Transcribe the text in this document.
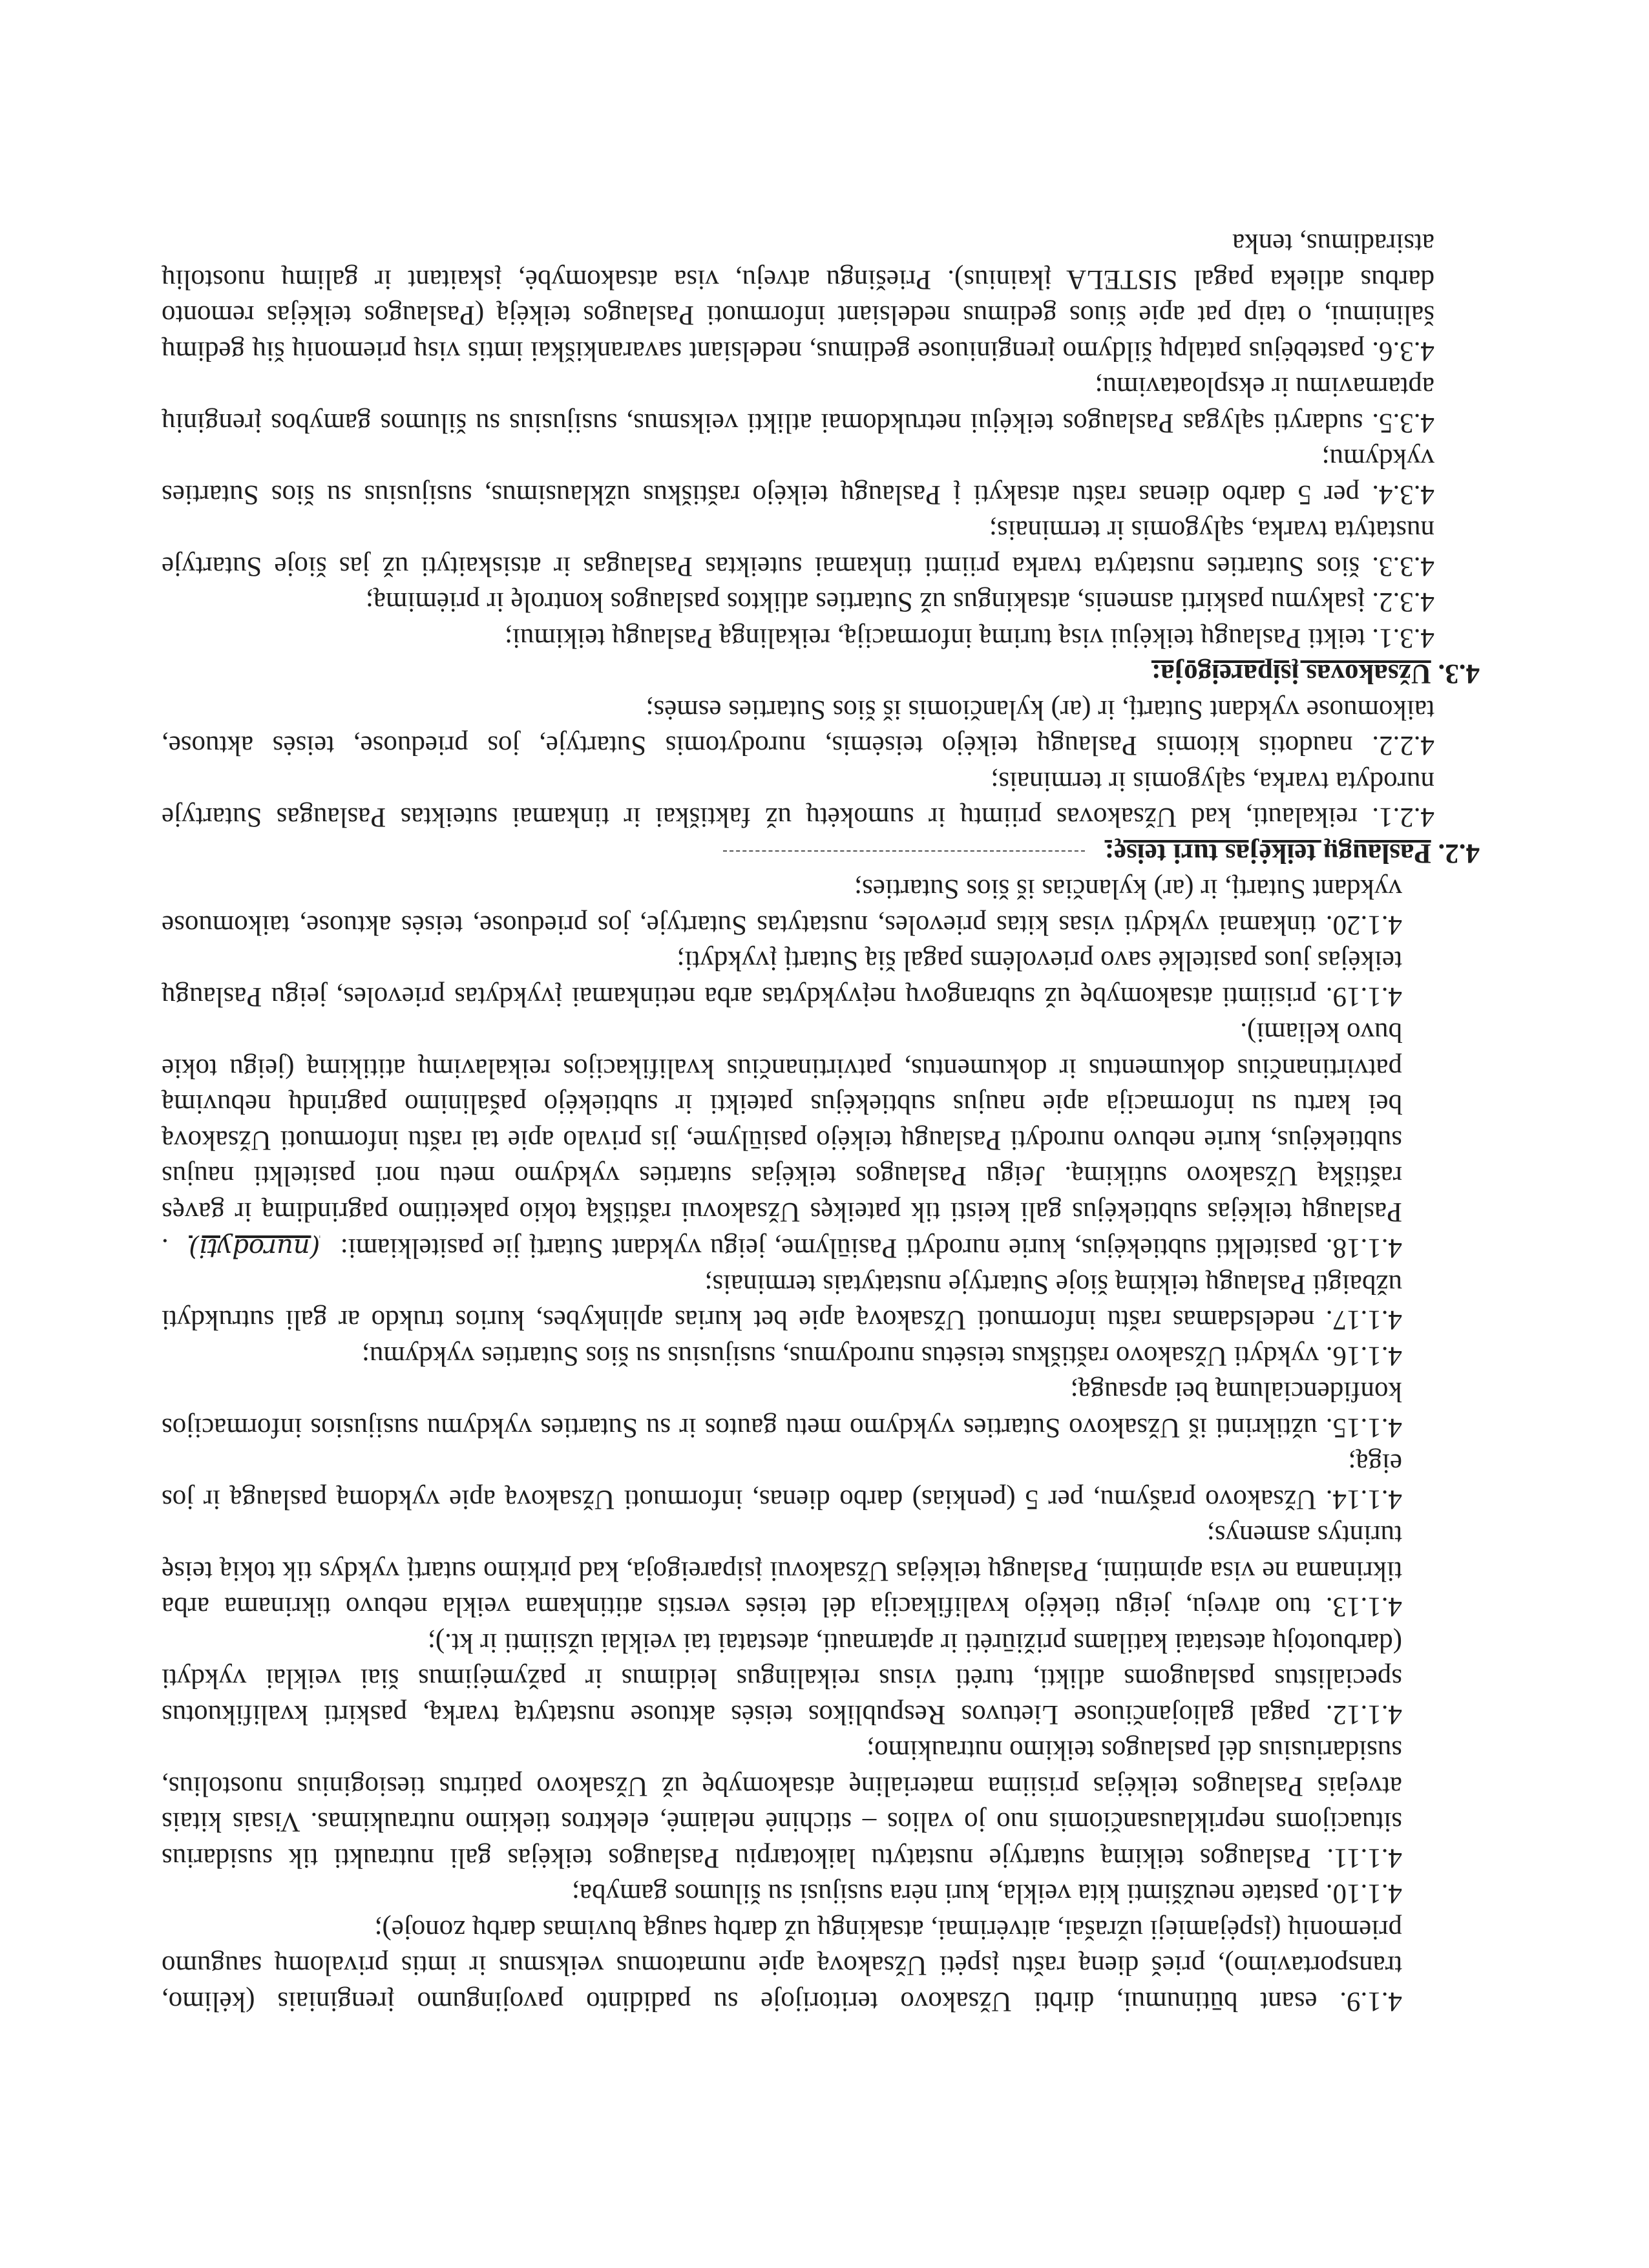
4.1.9. esant būtinumui, dirbti Užsakovo teritorijoje su padidinto pavojingumo įrenginiais (kėlimo, transportavimo), prieš dieną raštu įspėti Užsakovą apie numatomus veiksmus ir imtis privalomų saugumo priemonių (įspėjamieji užrašai, aitvėrimai, atsakingų už darbų saugą buvimas darbų zonoje);
4.1.10. pastate neužšimti kita veikla, kuri nėra susijusi su šilumos gamyba;
4.1.11. Paslaugos teikimą sutartyje nustatytu laikotarpiu Paslaugos teikėjas gali nutraukti tik susidarius situacijoms nepriklausančiomis nuo jo valios – stichinė nelaimė, elektros tiekimo nutraukimas. Visais kitais atvejais Paslaugos teikėjas prisiima materialinę atsakomybę už Užsakovo patirtus tiesioginius nuostolius, susidariusius dėl paslaugos teikimo nutraukimo;
4.1.12. pagal galiojančiuose Lietuvos Respublikos teisės aktuose nustatytą tvarką, paskirti kvalifikuotus specialistus paslaugoms atlikti, turėti visus reikalingus leidimus ir pažymėjimus šiai veiklai vykdyti (darbuotojų atestatai katilams prižiūrėti ir aptarnauti, atestatai tai veiklai užsiimti ir kt.);
4.1.13. tuo atveju, jeigu tiekėjo kvalifikacija dėl teisės verstis atitinkama veikla nebuvo tikrinama arba tikrinama ne visa apimtimi, Paslaugų teikėjas Užsakovui įsipareigoja, kad pirkimo sutartį vykdys tik tokią teisę turintys asmenys;
4.1.14. Užsakovo prašymu, per 5 (penkias) darbo dienas, informuoti Užsakovą apie vykdomą paslaugą ir jos eigą;
4.1.15. užtikrinti iš Užsakovo Sutarties vykdymo metu gautos ir su Sutarties vykdymu susijusios informacijos konfidencialumą bei apsaugą;
4.1.16. vykdyti Užsakovo raštiškus teisėtus nurodymus, susijusius su šios Sutarties vykdymu;
4.1.17. nedelsdamas raštu informuoti Užsakovą apie bet kurias aplinkybes, kurios trukdo ar gali sutrukdyti užbaigti Paslaugų teikimą šioje Sutartyje nustatytais terminais;
4.1.18. pasitelkti subtiekėjus, kurie nurodyti Pasiūlyme, jeigu vykdant Sutartį jie pasitelkiami: (nurodyti) . Paslaugų teikėjas subtiekėjus gali keisti tik pateikęs Užsakovui raštišką tokio pakeitimo pagrindimą ir gavęs raštišką Užsakovo sutikimą. Jeigu Paslaugos teikėjas sutarties vykdymo metu nori pasitelkti naujus subtiekėjus, kurie nebuvo nurodyti Paslaugų teikėjo pasiūlyme, jis privalo apie tai raštu informuoti Užsakovą bei kartu su informacija apie naujus subtiekėjus pateikti ir subtiekėjo pašalinimo pagrindų nebuvimą patvirtinančius dokumentus ir dokumentus, patvirtinančius kvalifikacijos reikalavimų atitikimą (jeigu tokie buvo keliami).
4.1.19. prisiimti atsakomybę už subrangovų neįvykdytas arba netinkamai įvykdytas prievoles, jeigu Paslaugų teikėjas juos pasitelkė savo prievolėms pagal šią Sutartį įvykdyti;
4.1.20. tinkamai vykdyti visas kitas prievoles, nustatytas Sutartyje, jos prieduose, teisės aktuose, taikomuose vykdant Sutartį, ir (ar) kylančias iš šios Sutarties;
4.2. Paslaugų teikėjas turi teisę:
4.2.1. reikalauti, kad Užsakovas priimtų ir sumokėtų už faktiškai ir tinkamai suteiktas Paslaugas Sutartyje nurodyta tvarka, sąlygomis ir terminais;
4.2.2. naudotis kitomis Paslaugų teikėjo teisėmis, nurodytomis Sutartyje, jos prieduose, teisės aktuose, taikomuose vykdant Sutartį, ir (ar) kylančiomis iš šios Sutarties esmės;
4.3. Užsakovas įsipareigoja:
4.3.1. teikti Paslaugų teikėjui visą turimą informaciją, reikalingą Paslaugų teikimui;
4.3.2. įsakymu paskirti asmenis, atsakingus už Sutarties atliktos paslaugos kontrolę ir priėmimą;
4.3.3. šios Sutarties nustatyta tvarka priimti tinkamai suteiktas Paslaugas ir atsiskaityti už jas šioje Sutartyje nustatyta tvarka, sąlygomis ir terminais;
4.3.4. per 5 darbo dienas raštu atsakyti į Paslaugų teikėjo raštiškus užklausimus, susijusius su šios Sutarties vykdymu;
4.3.5. sudaryti sąlygas Paslaugos teikėjui netrukdomai atlikti veiksmus, susijusius su šilumos gamybos įrenginių aptarnavimu ir eksploatavimu;
4.3.6. pastebėjus patalpų šildymo įrenginiuose gedimus, nedelsiant savarankiškai imtis visų priemonių šių gedimų šalinimui, o taip pat apie šiuos gedimus nedelsiant informuoti Paslaugos teikėją (Paslaugos teikėjas remonto darbus atlieka pagal SISTELA įkainius). Priešingu atveju, visa atsakomybė, įskaitant ir galimų nuostolių atsiradimus, tenka
